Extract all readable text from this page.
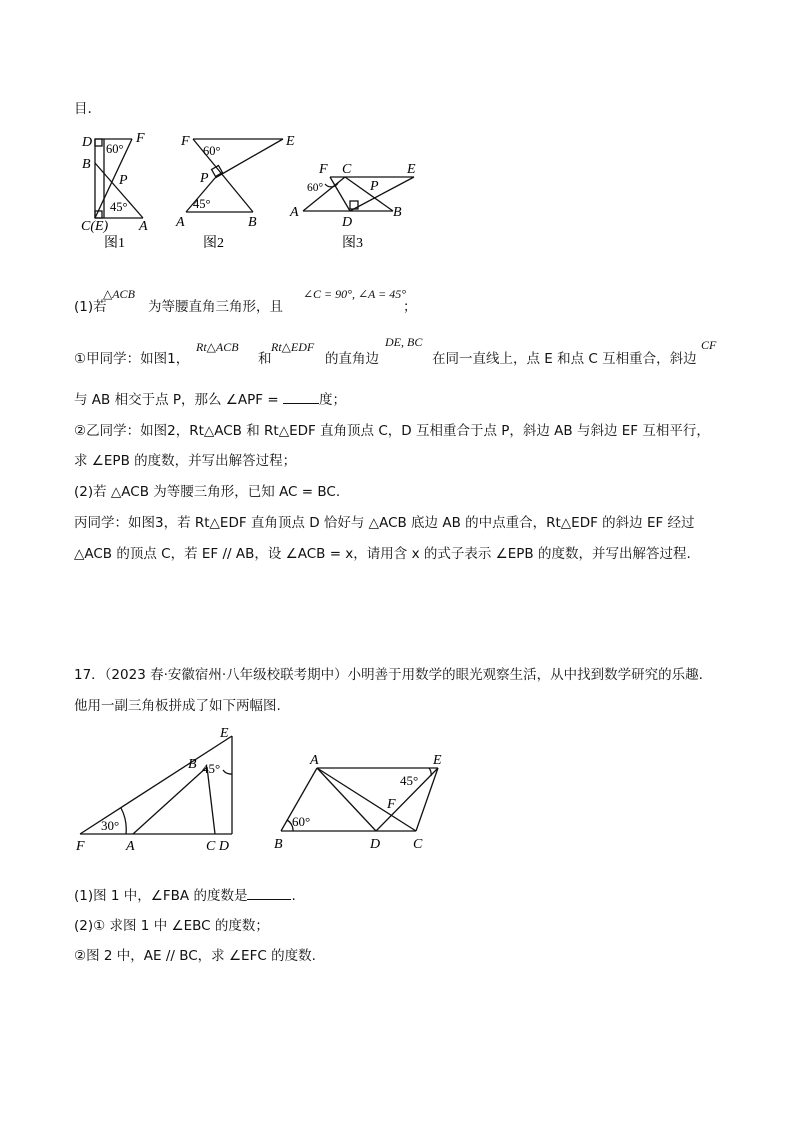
目.
D	F
60°
B
P
45°
C(E) A
图1
F	E
60°
P
45°
A	B
图2
F C	E
60°	P
A	B
D
图3
(1)若
△ACB
为等腰直角三角形，且
∠C = 90°, ∠A = 45°
；
①甲同学：如图1，
Rt△ACB
和
Rt△EDF
的直角边
DE, BC
在同一直线上，点 E 和点 C 互相重合，斜边
CF
与 AB 相交于点 P，那么 ∠APF =	度；
②乙同学：如图2，Rt△ACB 和 Rt△EDF 直角顶点 C，D 互相重合于点 P，斜边 AB 与斜边 EF 互相平行，
求 ∠EPB 的度数，并写出解答过程；
(2)若 △ACB 为等腰三角形，已知 AC = BC.
丙同学：如图3，若 Rt△EDF 直角顶点 D 恰好与 △ACB 底边 AB 的中点重合，Rt△EDF 的斜边 EF 经过
△ACB 的顶点 C，若 EF // AB，设 ∠ACB = x，请用含 x 的式子表示 ∠EPB 的度数，并写出解答过程.
17．（2023 春·安徽宿州·八年级校联考期中）小明善于用数学的眼光观察生活，从中找到数学研究的乐趣.
他用一副三角板拼成了如下两幅图.
E
B 45°
30°
F	A	C D
A	E
45°
F
60°
B	D C
(1)图 1 中，∠FBA 的度数是	.
(2)① 求图 1 中 ∠EBC 的度数；
②图 2 中，AE // BC，求 ∠EFC 的度数.
